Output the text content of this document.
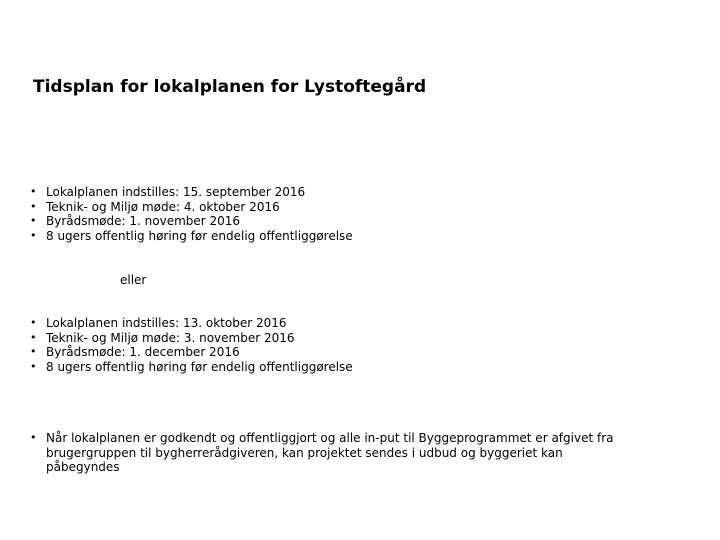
Tidsplan for lokalplanen for Lystoftegård
• Lokalplanen indstilles: 15. september 2016
• Teknik- og Miljø møde: 4. oktober 2016
• Byrådsmøde: 1. november 2016
• 8 ugers offentlig høring før endelig offentliggørelse
eller
• Lokalplanen indstilles: 13. oktober 2016
• Teknik- og Miljø møde: 3. november 2016
• Byrådsmøde: 1. december 2016
• 8 ugers offentlig høring før endelig offentliggørelse
• Når lokalplanen er godkendt og offentliggjort og alle in-put til Byggeprogrammet er afgivet fra brugergruppen til bygherrerådgiveren, kan projektet sendes i udbud og byggeriet kan påbegyndes
